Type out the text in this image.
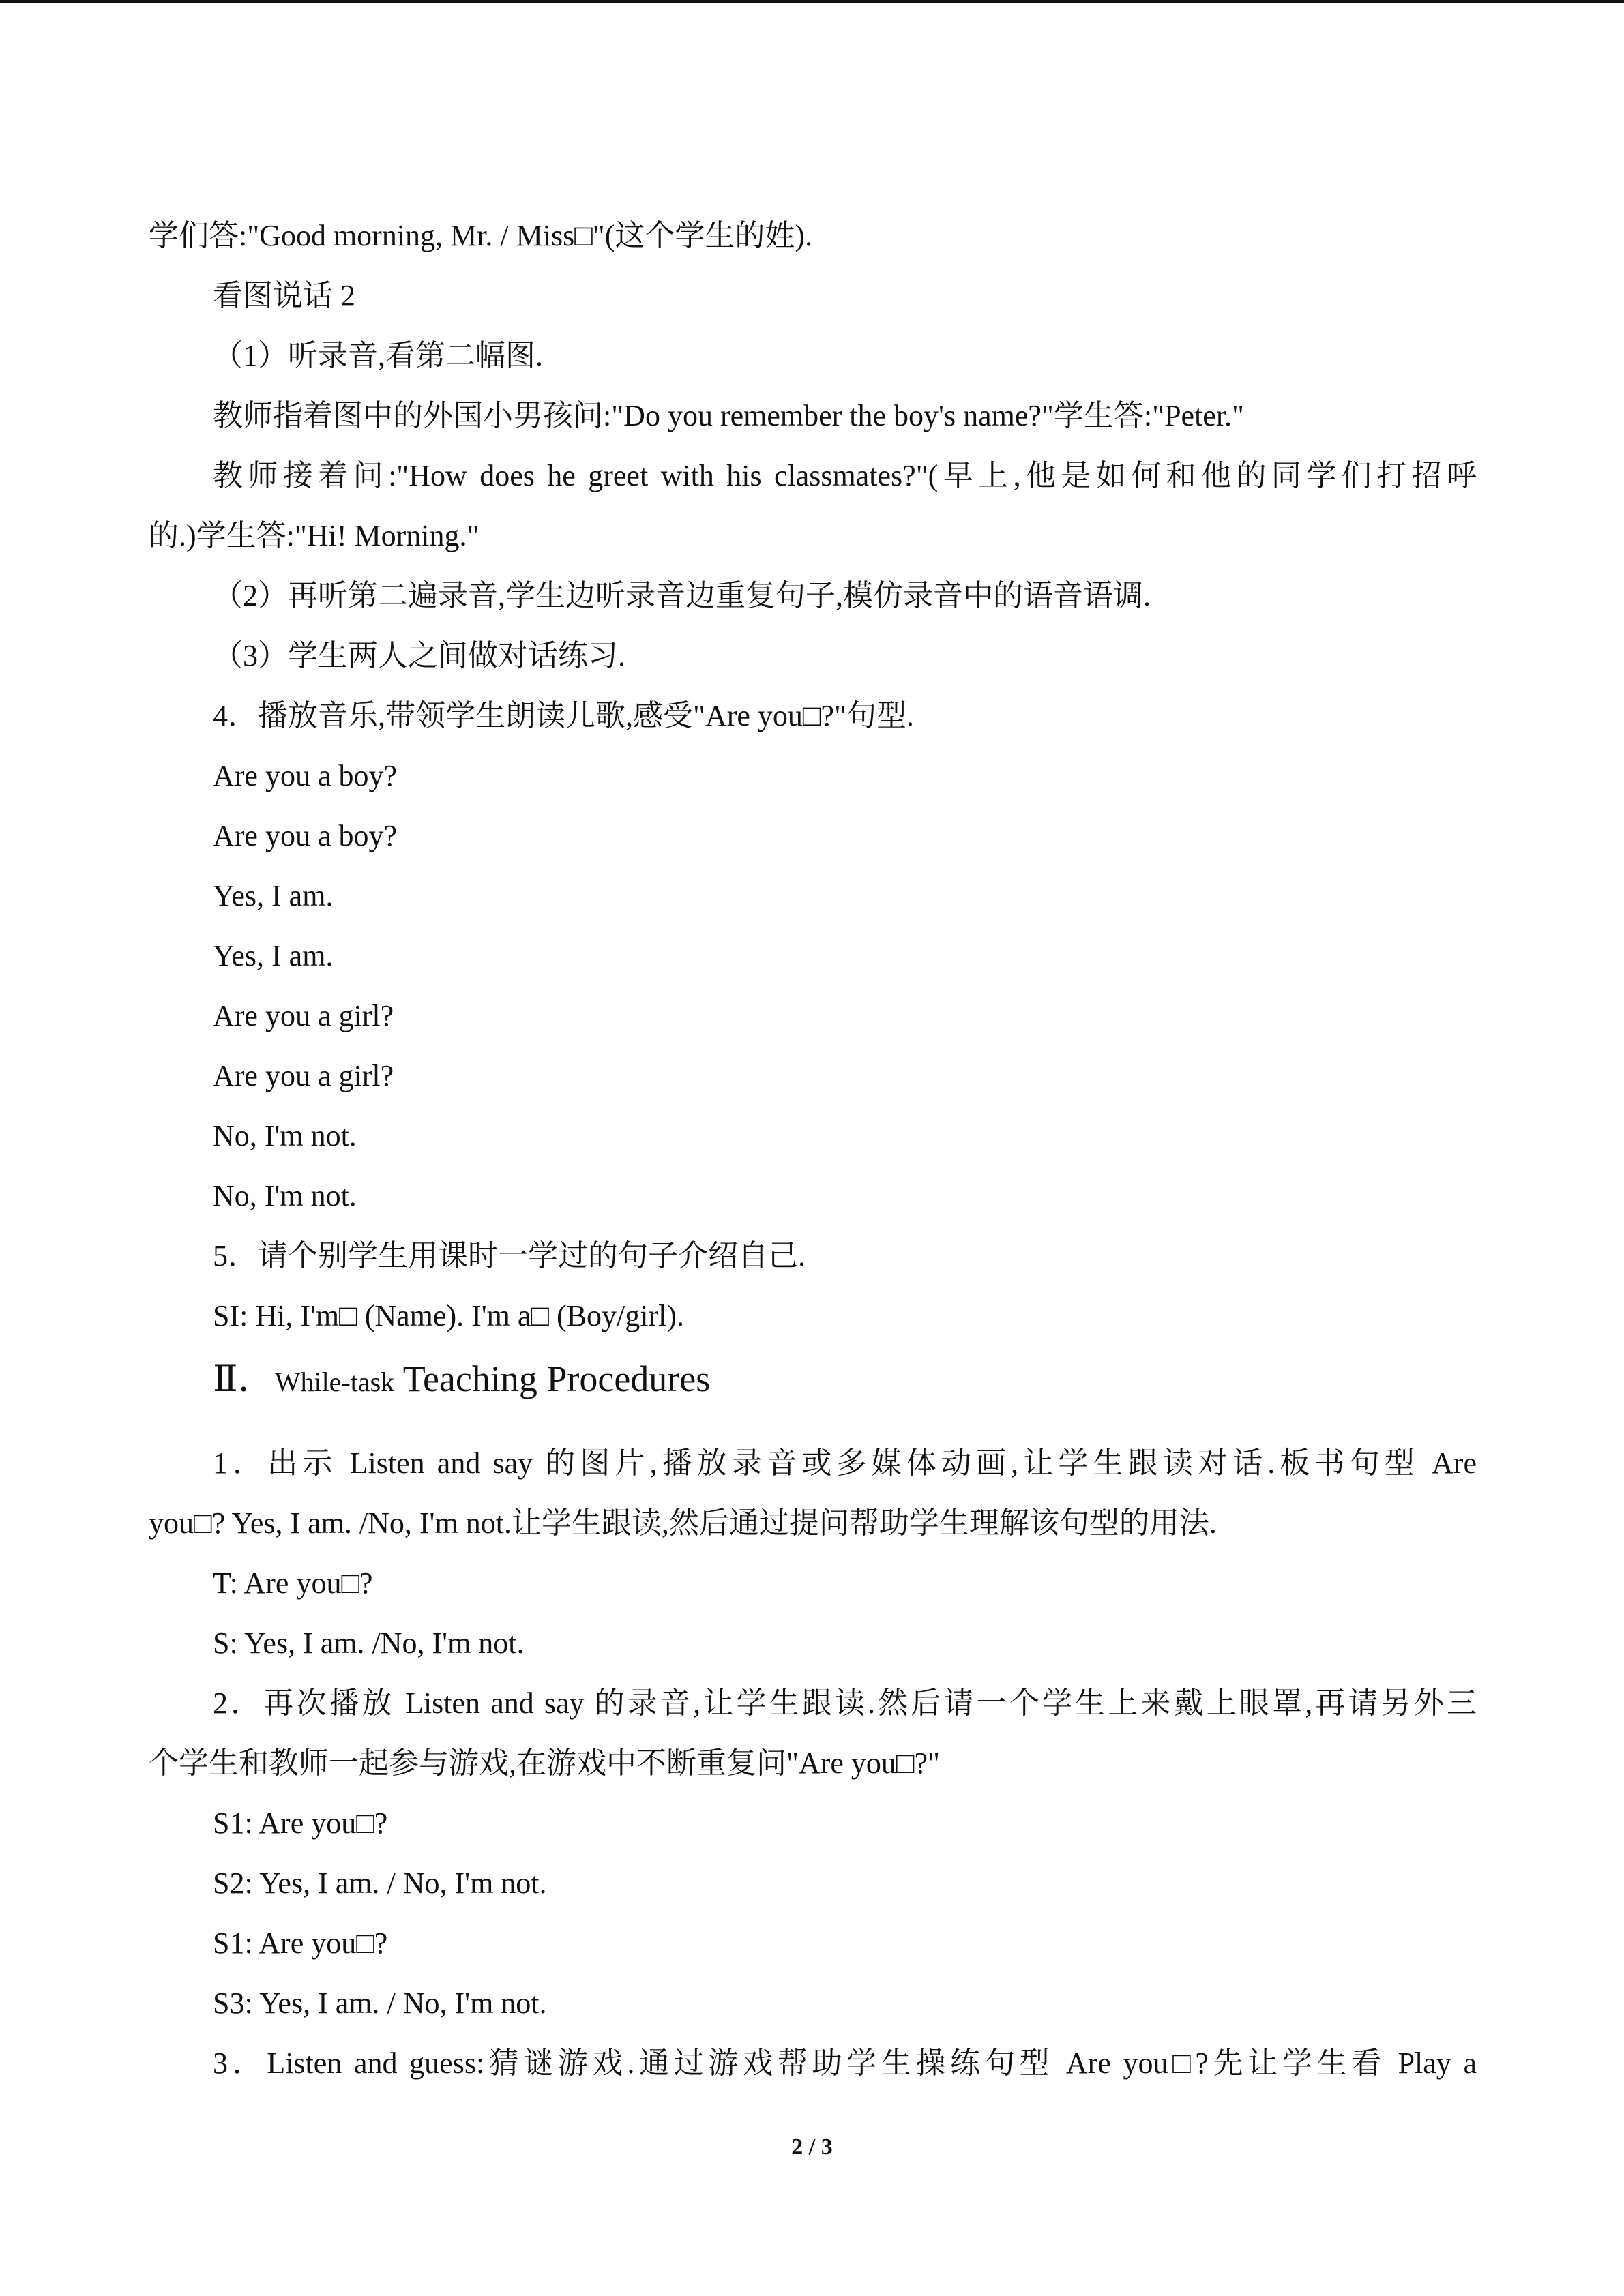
学们答:"Good morning, Mr. / Miss□"(这个学生的姓).
看图说话 2
（1）听录音,看第二幅图.
教师指着图中的外国小男孩问:"Do you remember the boy's name?"学生答:"Peter."
教师接着问:"How does he greet with his classmates?"(早上,他是如何和他的同学们打招呼
的.)学生答:"Hi! Morning."
（2）再听第二遍录音,学生边听录音边重复句子,模仿录音中的语音语调.
（3）学生两人之间做对话练习.
4．播放音乐,带领学生朗读儿歌,感受"Are you□?"句型.
Are you a boy?
Are you a boy?
Yes, I am.
Yes, I am.
Are you a girl?
Are you a girl?
No, I'm not.
No, I'm not.
5．请个别学生用课时一学过的句子介绍自己.
SI: Hi, I'm□ (Name). I'm a□ (Boy/girl).
Ⅱ．While-task Teaching Procedures
1．出示 Listen and say 的图片,播放录音或多媒体动画,让学生跟读对话.板书句型 Are
you□? Yes, I am. /No, I'm not.让学生跟读,然后通过提问帮助学生理解该句型的用法.
T: Are you□?
S: Yes, I am. /No, I'm not.
2．再次播放 Listen and say 的录音,让学生跟读.然后请一个学生上来戴上眼罩,再请另外三
个学生和教师一起参与游戏,在游戏中不断重复问"Are you□?"
S1: Are you□?
S2: Yes, I am. / No, I'm not.
S1: Are you□?
S3: Yes, I am. / No, I'm not.
3．Listen and guess:猜谜游戏.通过游戏帮助学生操练句型 Are you□?先让学生看 Play a
2 / 3
